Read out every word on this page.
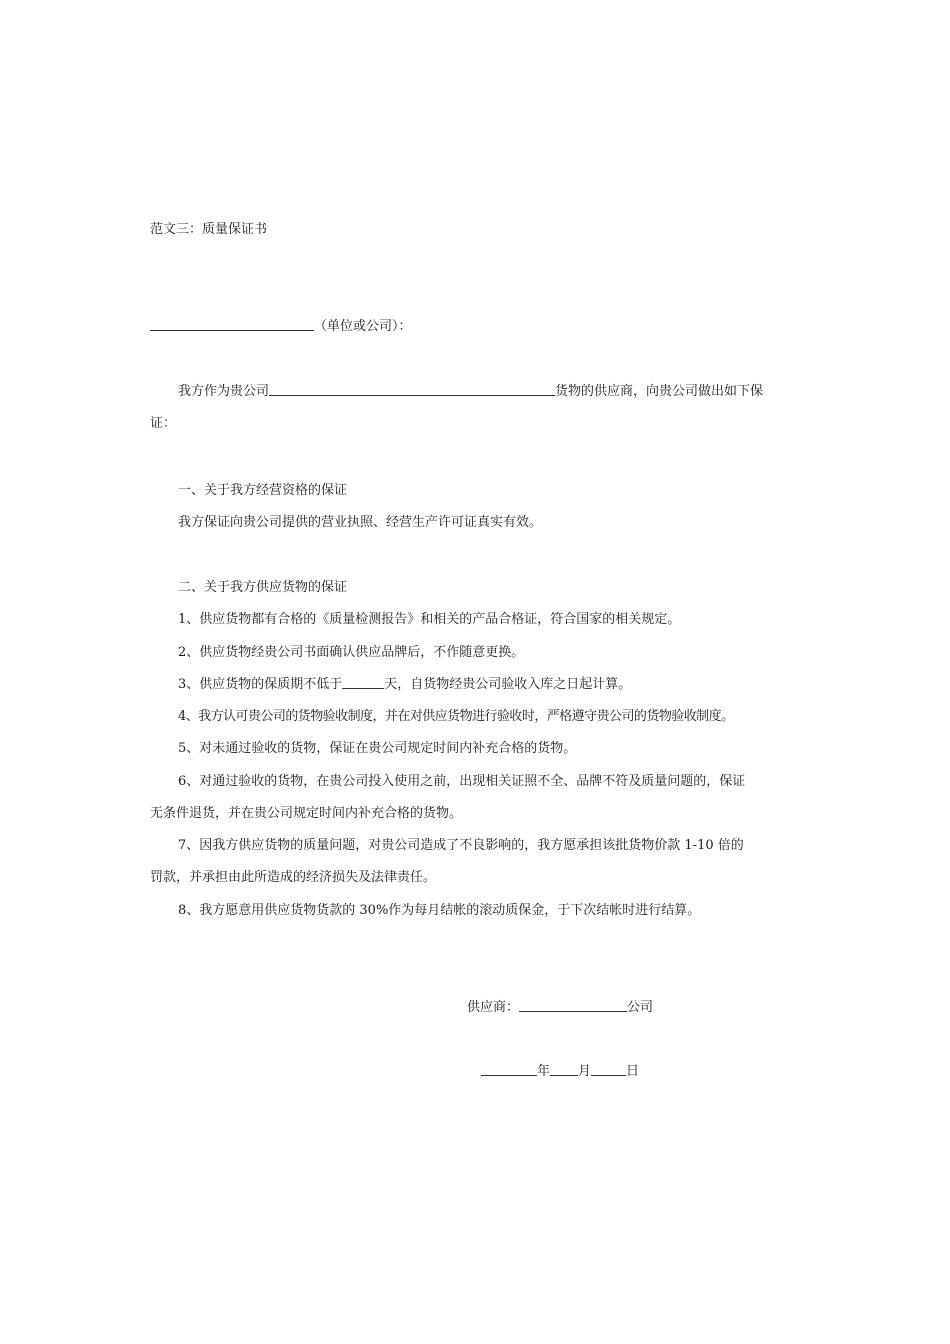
范文三：质量保证书
（单位或公司）：
我方作为贵公司	货物的供应商，向贵公司做出如下保
证：
一、关于我方经营资格的保证
我方保证向贵公司提供的营业执照、经营生产许可证真实有效。
二、关于我方供应货物的保证
1、供应货物都有合格的《质量检测报告》和相关的产品合格证，符合国家的相关规定。
2、供应货物经贵公司书面确认供应品牌后，不作随意更换。
3、供应货物的保质期不低于	天，自货物经贵公司验收入库之日起计算。
4、我方认可贵公司的货物验收制度，并在对供应货物进行验收时，严格遵守贵公司的货物验收制度。
5、对未通过验收的货物，保证在贵公司规定时间内补充合格的货物。
6、对通过验收的货物，在贵公司投入使用之前，出现相关证照不全、品牌不符及质量问题的，保证
无条件退货，并在贵公司规定时间内补充合格的货物。
7、因我方供应货物的质量问题，对贵公司造成了不良影响的，我方愿承担该批货物价款 1-10 倍的
罚款，并承担由此所造成的经济损失及法律责任。
8、我方愿意用供应货物货款的 30%作为每月结帐的滚动质保金，于下次结帐时进行结算。
供应商：	公司
年 月	日
